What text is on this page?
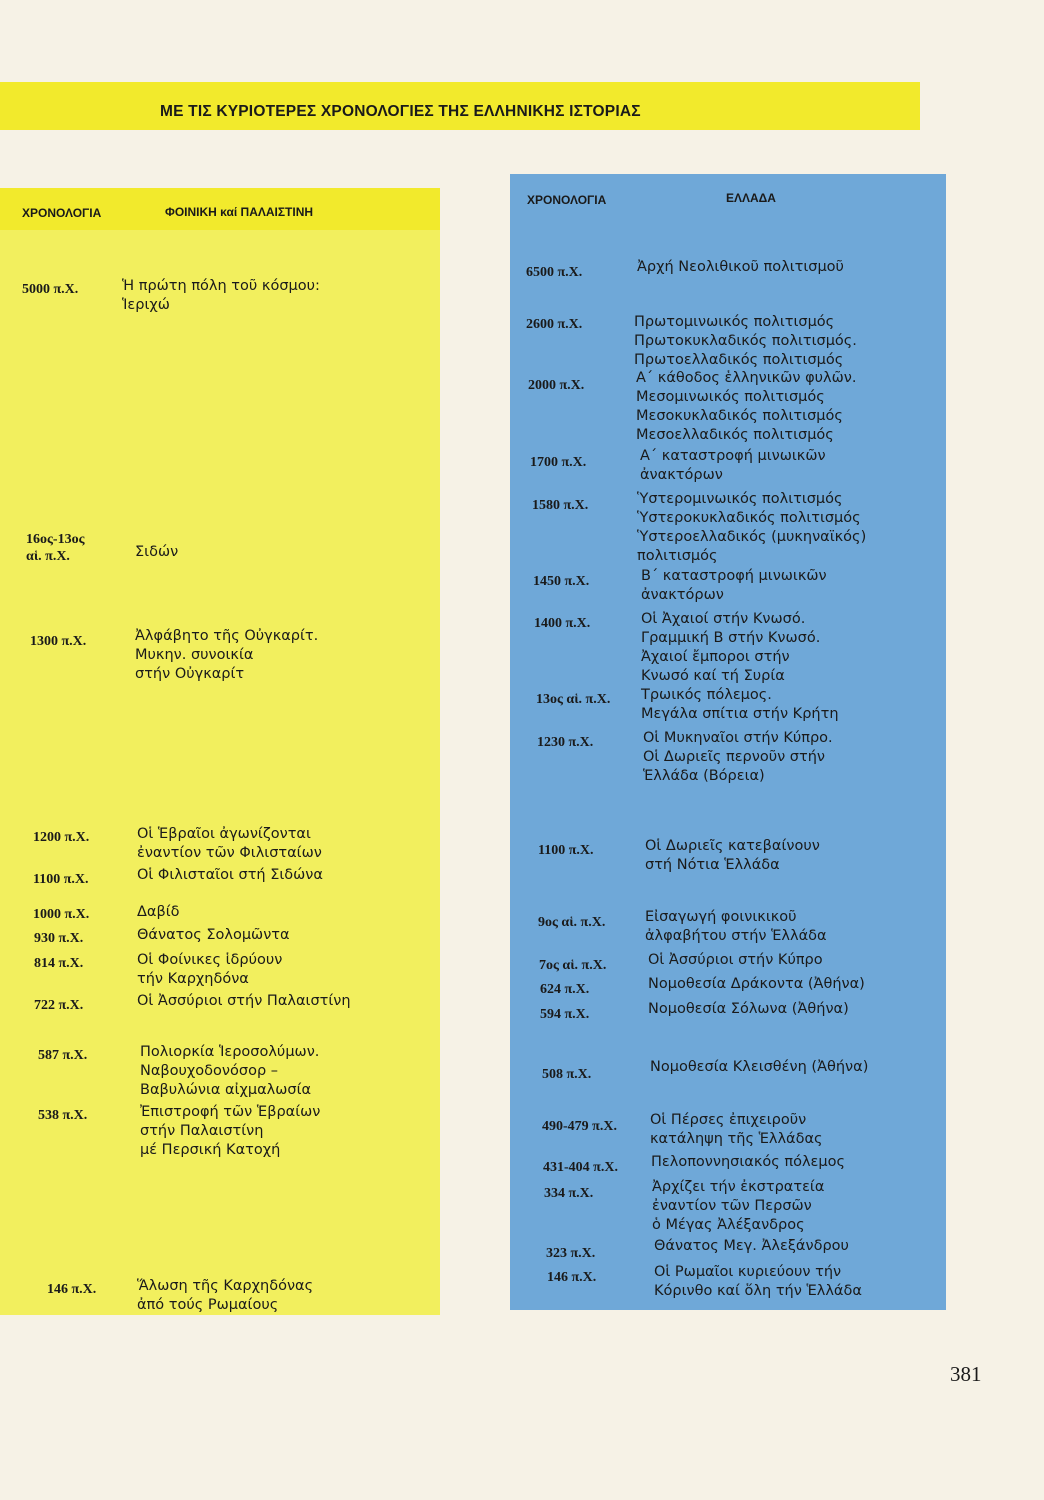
ΜΕ ΤΙΣ ΚΥΡΙΟΤΕΡΕΣ ΧΡΟΝΟΛΟΓΙΕΣ ΤΗΣ ΕΛΛΗΝΙΚΗΣ ΙΣΤΟΡΙΑΣ
ΧΡΟΝΟΛΟΓΙΑ	ΦΟΙΝΙΚΗ καί ΠΑΛΑΙΣΤΙΝΗ
ΧΡΟΝΟΛΟΓΙΑ	ΕΛΛΑΔΑ
5000 π.Χ.	Ἡ πρώτη πόλη τοῦ κόσμου:
Ἱεριχώ
16ος-13ος
αἱ. π.Χ.	Σιδών
1300 π.Χ.	Ἀλφάβητο τῆς Οὐγκαρίτ.
Μυκην. συνοικία
στήν Οὐγκαρίτ
1200 π.Χ.	Οἱ Ἑβραῖοι ἀγωνίζονται
ἐναντίον τῶν Φιλισταίων
1100 π.Χ.	Οἱ Φιλισταῖοι στή Σιδώνα
1000 π.Χ.	Δαβίδ
930 π.Χ.	Θάνατος Σολομῶντα
814 π.Χ.	Οἱ Φοίνικες ἱδρύουν
τήν Καρχηδόνα
722 π.Χ.	Οἱ Ἀσσύριοι στήν Παλαιστίνη
587 π.Χ.	Πολιορκία Ἱεροσολύμων.
Ναβουχοδονόσορ –
Βαβυλώνια αἰχμαλωσία
538 π.Χ.	Ἐπιστροφή τῶν Ἑβραίων
στήν Παλαιστίνη
μέ Περσική Κατοχή
146 π.Χ.	Ἅλωση τῆς Καρχηδόνας
ἀπό τούς Ρωμαίους
6500 π.Χ.	Ἀρχή Νεολιθικοῦ πολιτισμοῦ
2600 π.Χ.	Πρωτομινωικός πολιτισμός
Πρωτοκυκλαδικός πολιτισμός.
Πρωτοελλαδικός πολιτισμός
2000 π.Χ.	Α΄ κάθοδος ἑλληνικῶν φυλῶν.
Μεσομινωικός πολιτισμός
Μεσοκυκλαδικός πολιτισμός
Μεσοελλαδικός πολιτισμός
1700 π.Χ.	Α΄ καταστροφή μινωικῶν
ἀνακτόρων
1580 π.Χ.	Ὑστερομινωικός πολιτισμός
Ὑστεροκυκλαδικός πολιτισμός
Ὑστεροελλαδικός (μυκηναϊκός)
πολιτισμός
1450 π.Χ.	Β΄ καταστροφή μινωικῶν
ἀνακτόρων
1400 π.Χ.	Οἱ Ἀχαιοί στήν Κνωσό.
Γραμμική Β στήν Κνωσό.
Ἀχαιοί ἔμποροι στήν
Κνωσό καί τή Συρία
13ος αἱ. π.Χ. Τρωικός πόλεμος.
Μεγάλα σπίτια στήν Κρήτη
1230 π.Χ.	Οἱ Μυκηναῖοι στήν Κύπρο.
Οἱ Δωριεῖς περνοῦν στήν
Ἑλλάδα (Βόρεια)
1100 π.Χ.	Οἱ Δωριεῖς κατεβαίνουν
στή Νότια Ἑλλάδα
9ος αἱ. π.Χ.	Εἰσαγωγή φοινικικοῦ
ἀλφαβήτου στήν Ἑλλάδα
7ος αἱ. π.Χ.	Οἱ Ἀσσύριοι στήν Κύπρο
624 π.Χ.	Νομοθεσία Δράκοντα (Ἀθήνα)
594 π.Χ.	Νομοθεσία Σόλωνα (Ἀθήνα)
508 π.Χ.	Νομοθεσία Κλεισθένη (Ἀθήνα)
490-479 π.Χ. Οἱ Πέρσες ἐπιχειροῦν
κατάληψη τῆς Ἑλλάδας
431-404 π.Χ. Πελοποννησιακός πόλεμος
334 π.Χ.	Ἀρχίζει τήν ἐκστρατεία
ἐναντίον τῶν Περσῶν
ὁ Μέγας Ἀλέξανδρος
323 π.Χ.	Θάνατος Μεγ. Ἀλεξάνδρου
146 π.Χ.	Οἱ Ρωμαῖοι κυριεύουν τήν
Κόρινθο καί ὅλη τήν Ἑλλάδα
381
